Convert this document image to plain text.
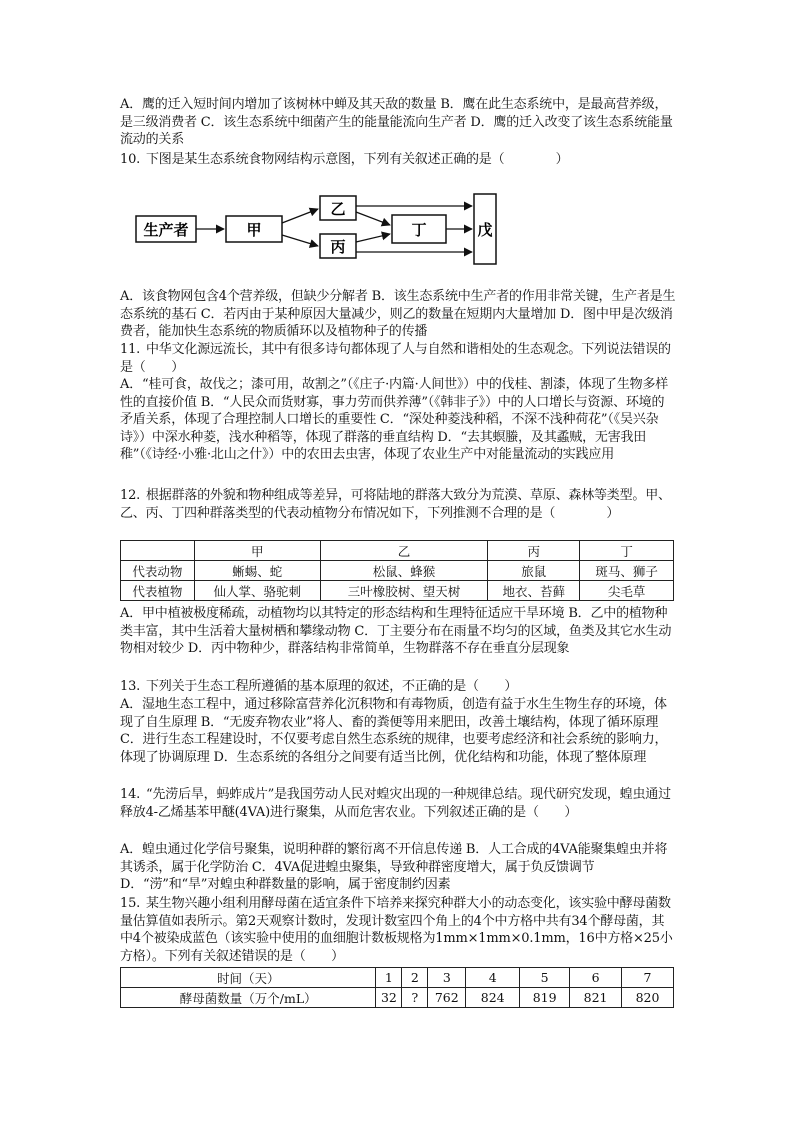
A．鹰的迁入短时间内增加了该树林中蝉及其天敌的数量 B．鹰在此生态系统中，是最高营养级，是三级消费者 C．该生态系统中细菌产生的能量能流向生产者 D．鹰的迁入改变了该生态系统能量流动的关系

10. 下图是某生态系统食物网结构示意图，下列有关叙述正确的是（　　　　）

生产者	甲
乙
丙
丁	戊

A．该食物网包含4个营养级，但缺少分解者 B．该生态系统中生产者的作用非常关键，生产者是生态系统的基石 C．若丙由于某种原因大量减少，则乙的数量在短期内大量增加 D．图中甲是次级消费者，能加快生态系统的物质循环以及植物种子的传播

11. 中华文化源远流长，其中有很多诗句都体现了人与自然和谐相处的生态观念。下列说法错误的是（　　）

A．“桂可食，故伐之；漆可用，故割之”（《庄子·内篇·人间世》）中的伐桂、割漆，体现了生物多样性的直接价值 B．“人民众而货财寡，事力劳而供养薄”（《韩非子》）中的人口增长与资源、环境的矛盾关系，体现了合理控制人口增长的重要性 C．“深处种菱浅种稻，不深不浅种荷花”（《吴兴杂诗》）中深水种菱，浅水种稻等，体现了群落的垂直结构 D．“去其螟螣，及其蟊贼，无害我田稚”（《诗经·小雅·北山之什》）中的农田去虫害，体现了农业生产中对能量流动的实践应用

12. 根据群落的外貌和物种组成等差异，可将陆地的群落大致分为荒漠、草原、森林等类型。甲、乙、丙、丁四种群落类型的代表动植物分布情况如下，下列推测不合理的是（　　　　）

	甲	乙	丙	丁
代表动物	蜥蜴、蛇	松鼠、蜂猴	旅鼠	斑马、狮子
代表植物	仙人掌、骆驼刺	三叶橡胶树、望天树	地衣、苔藓	尖毛草

A．甲中植被极度稀疏，动植物均以其特定的形态结构和生理特征适应干旱环境 B．乙中的植物种类丰富，其中生活着大量树栖和攀缘动物 C．丁主要分布在雨量不均匀的区域，鱼类及其它水生动物相对较少 D．丙中物种少，群落结构非常简单，生物群落不存在垂直分层现象

13. 下列关于生态工程所遵循的基本原理的叙述，不正确的是（　　）

A．湿地生态工程中，通过移除富营养化沉积物和有毒物质，创造有益于水生生物生存的环境，体现了自生原理 B．“无废弃物农业”将人、畜的粪便等用来肥田，改善土壤结构，体现了循环原理 C．进行生态工程建设时，不仅要考虑自然生态系统的规律，也要考虑经济和社会系统的影响力，体现了协调原理 D．生态系统的各组分之间要有适当比例，优化结构和功能，体现了整体原理

14. “先涝后旱，蚂蚱成片”是我国劳动人民对蝗灾出现的一种规律总结。现代研究发现，蝗虫通过释放4-乙烯基苯甲醚(4VA)进行聚集，从而危害农业。下列叙述正确的是（　　）

A．蝗虫通过化学信号聚集，说明种群的繁衍离不开信息传递 B．人工合成的4VA能聚集蝗虫并将其诱杀，属于化学防治 C．4VA促进蝗虫聚集，导致种群密度增大，属于负反馈调节 D．“涝”和“旱”对蝗虫种群数量的影响，属于密度制约因素

15. 某生物兴趣小组利用酵母菌在适宜条件下培养来探究种群大小的动态变化，该实验中酵母菌数量估算值如表所示。第2天观察计数时，发现计数室四个角上的4个中方格中共有34个酵母菌，其中4个被染成蓝色（该实验中使用的血细胞计数板规格为1mm×1mm×0.1mm，16中方格×25小方格）。下列有关叙述错误的是（　　）

时间（天）	1	2	3	4	5	6	7
酵母菌数量（万个/mL）	32	?	762	824	819	821	820
